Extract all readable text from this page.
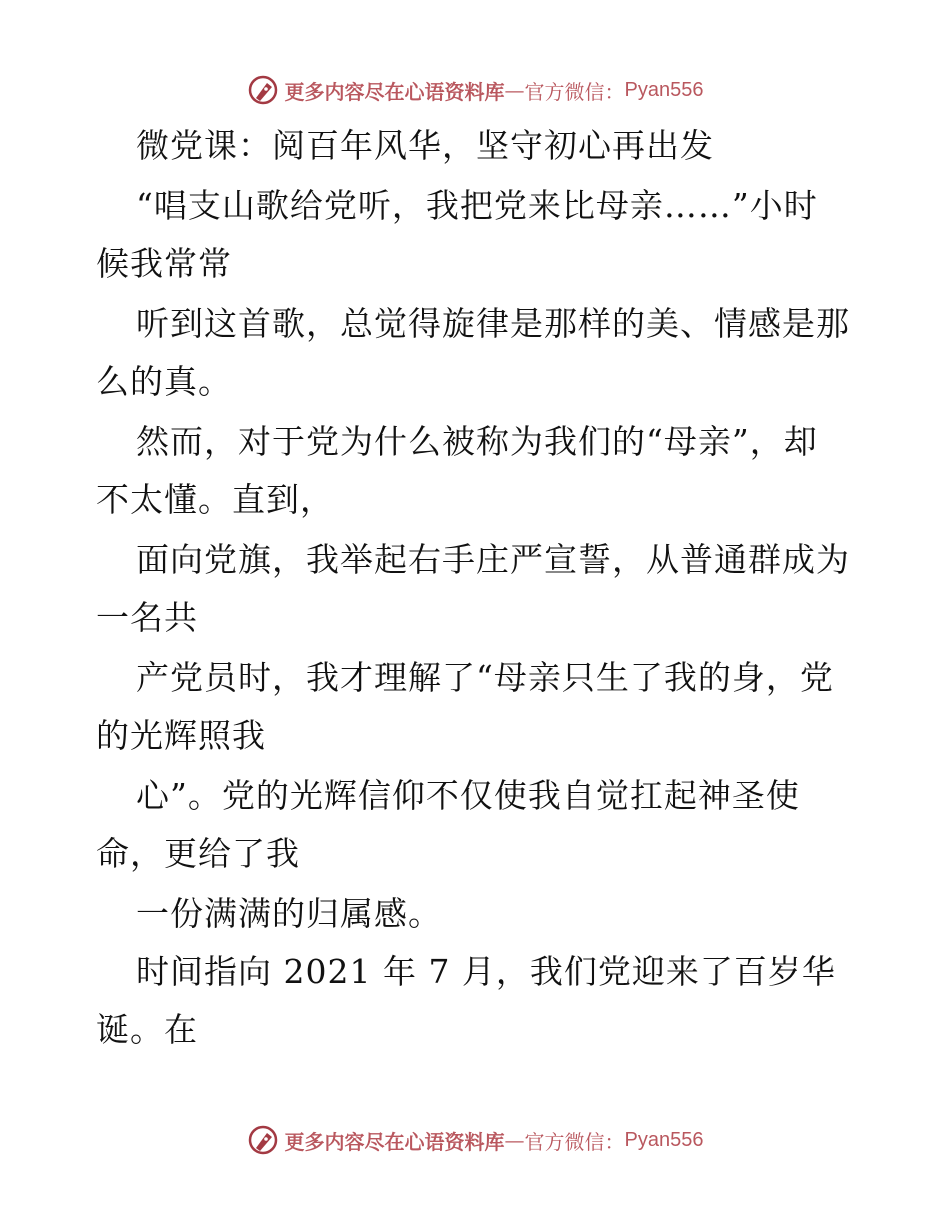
更多内容尽在心语资料库 — 官方微信： Pyan556
微党课：阅百年风华，坚守初心再出发
“唱支山歌给党听，我把党来比母亲……”小时
候我常常
听到这首歌，总觉得旋律是那样的美、情感是那
么的真。
然而，对于党为什么被称为我们的“母亲”，却
不太懂。直到，
面向党旗，我举起右手庄严宣誓，从普通群成为
一名共
产党员时，我才理解了“母亲只生了我的身，党
的光辉照我
心”。党的光辉信仰不仅使我自觉扛起神圣使
命，更给了我
一份满满的归属感。
时间指向 2021 年 7 月，我们党迎来了百岁华
诞。在
更多内容尽在心语资料库 — 官方微信： Pyan556
